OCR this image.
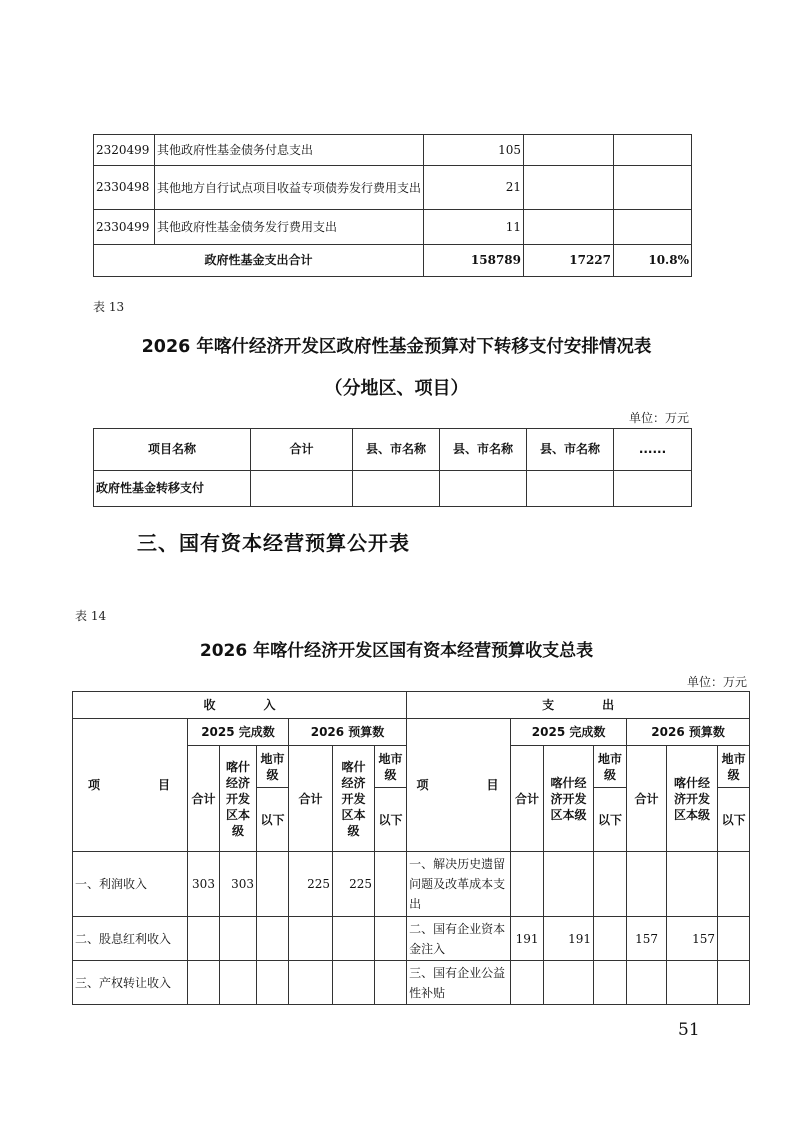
2320499	其他政府性基金债务付息支出	105		
2330498	其他地方自行试点项目收益专项债券发行费用支出	21		
2330499	其他政府性基金债务发行费用支出	11		
政府性基金支出合计		158789	17227	10.8%
表 13
2026 年喀什经济开发区政府性基金预算对下转移支付安排情况表
（分地区、项目）
单位：万元
项目名称	合计	县、市名称	县、市名称	县、市名称	......
政府性基金转移支付					
三、国有资本经营预算公开表
表 14
2026 年喀什经济开发区国有资本经营预算收支总表
单位：万元
收　　　　入							支　　　　出						
项　　　　目	2025 完成数			2026 预算数			项　　　　目	2025 完成数			2026 预算数		
	合计	喀什经济开发区本级	地市级	合计	喀什经济开发区本级	地市级		合计	喀什经济开发区本级	地市级	合计	喀什经济开发区本级	地市级
			以下			以下				以下			以下
一、利润收入	303	303		225	225		一、解决历史遗留问题及改革成本支出						
二、股息红利收入							二、国有企业资本金注入	191	191		157	157	
三、产权转让收入							三、国有企业公益性补贴						
51
